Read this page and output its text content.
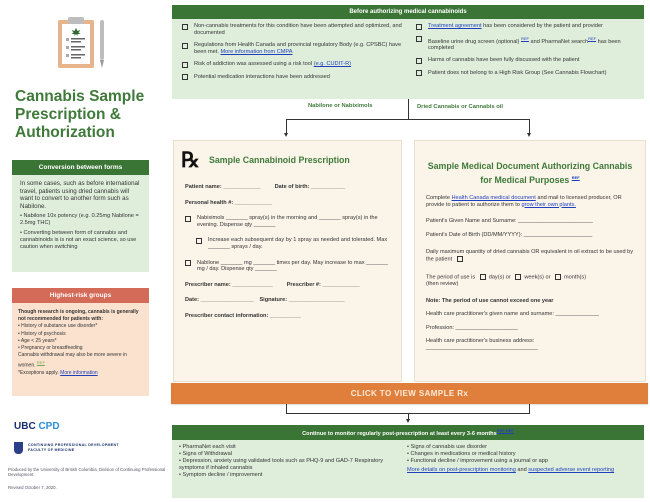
Cannabis Sample Prescription & Authorization
Conversion between forms

In some cases, such as before international travel, patients using dried cannabis will want to convert to another form such as Nabilone.

• Nabilone 10x potency (e.g. 0.25mg Nabilone = 2.5mg THC)

• Converting between form of cannabis and cannabinoids is is not an exact science, so use caution when switching

Highest-risk groups
Though research is ongoing, cannabis is generally not recommended for patients with:
• History of substance use disorder*
• History of psychosis
• Age < 25 years*
• Pregnancy or breastfeeding
Cannabis withdrawal may also be more severe in women. $^{REF}$
*Exceptions apply. More information
UBC CPD
CONTINUING PROFESSIONAL DEVELOPMENT
FACULTY OF MEDICINE
Produced by the University of British Columbia, Division of Continuing Professional Development
Revised October 7, 2020.
Before authorizing medical cannabinoids
Non-cannabis treatments for this condition have been attempted and optimized, and documented
Regulations from Health Canada and provincial regulatory Body (e.g. CPSBC) have been met. More information from CMPA
Risk of addiction was assessed using a risk tool (e.g. CUDIT-R)
Potential medication interactions have been addressed
Treatment agreement has been considered by the patient and provider
Baseline urine drug screen (optional) $^{REF}$ and PharmaNet search$^{REF}$ has been completed
Harms of cannabis have been fully discussed with the patient
Patient does not belong to a High Risk Group (See Cannabis Flowchart)
Nabilone or Nabiximols	Dried Cannabis or Cannabis oil
℞	Sample Cannabinoid Prescription
Patient name: ____________	Date of birth: ___________
Personal health #: ____________
Nabiximols _______ spray(s) in the morning and _______ spray(s) in the evening. Dispense qty _______
Increase each subsequent day by 1 spray as needed and tolerated. Max _______ sprays / day.
Nabilone _______ mg _______ times per day. May increase to max _______ mg / day. Dispense qty _______
Prescriber name: _____________	Prescriber #: ____________
Date: _________________ Signature: __________________
Prescriber contact information: __________
Sample Medical Document Authorizing Cannabis for Medical Purposes $^{REF}$
Complete Health Canada medical document and mail to licensed producer, OR provide to patient to authorize them to grow their own plants.
Patient's Given Name and Surname: ________________________
Patient's Date of Birth (DD/MM/YYYY): ______________________
Daily maximum quantity of dried cannabis OR equivalent in oil extract to be used by the patient
The period of use is day(s) or week(s) or month(s)
(then review)
Note: The period of use cannot exceed one year
Health care practitioner's given name and surname: ______________
Profession: ____________________
Health care practitioner's business address:
____________________________________
CLICK TO VIEW SAMPLE Rx
Continue to monitor regularly post-prescription at least every 3-6 months$^{REF REF}$
• PharmaNet each visit
• Signs of Withdrawal
• Depression, anxiety using validated tools such as PHQ-9 and GAD-7 Respiratory symptoms if inhaled cannabis
• Symptom decline / improvement
• Signs of cannabis use disorder
• Changes in medications or medical history
• Functional decline / improvement using a journal or app
More details on post-prescription monitoring and suspected adverse event reporting
